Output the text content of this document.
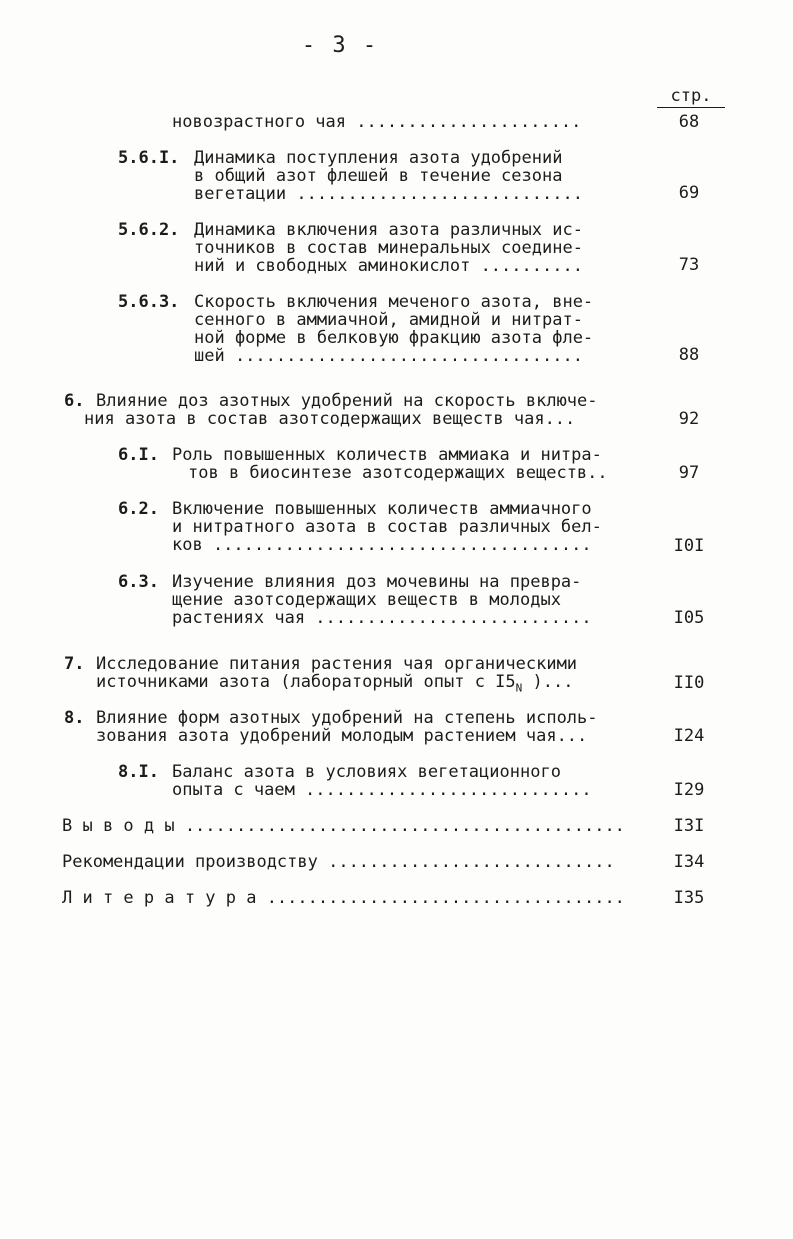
- 3 -
стр.
новозрастного чая ......................	68
5.6.I. Динамика поступления азота удобрений
в общий азот флешей в течение сезона
вегетации ............................	69
5.6.2. Динамика включения азота различных ис-
точников в состав минеральных соедине-
ний и свободных аминокислот ..........	73
5.6.3. Скорость включения меченого азота, вне-
сенного в аммиачной, амидной и нитрат-
ной форме в белковую фракцию азота фле-
шей ..................................	88
6. Влияние доз азотных удобрений на скорость включе-
ния азота в состав азотсодержащих веществ чая...	92
6.I. Роль повышенных количеств аммиака и нитра-
тов в биосинтезе азотсодержащих веществ..	97
6.2. Включение повышенных количеств аммиачного
и нитратного азота в состав различных бел-
ков .....................................	I0I
6.3. Изучение влияния доз мочевины на превра-
щение азотсодержащих веществ в молодых
растениях чая ...........................	I05
7. Исследование питания растения чая органическими
источниками азота (лабораторный опыт с $I5_N$ )...	II0
8. Влияние форм азотных удобрений на степень исполь-
зования азота удобрений молодым растением чая...	I24
8.I. Баланс азота в условиях вегетационного
опыта с чаем ............................	I29
В ы в о д ы ...........................................	I3I
Рекомендации производству ............................	I34
Л и т е р а т у р а ...................................	I35
